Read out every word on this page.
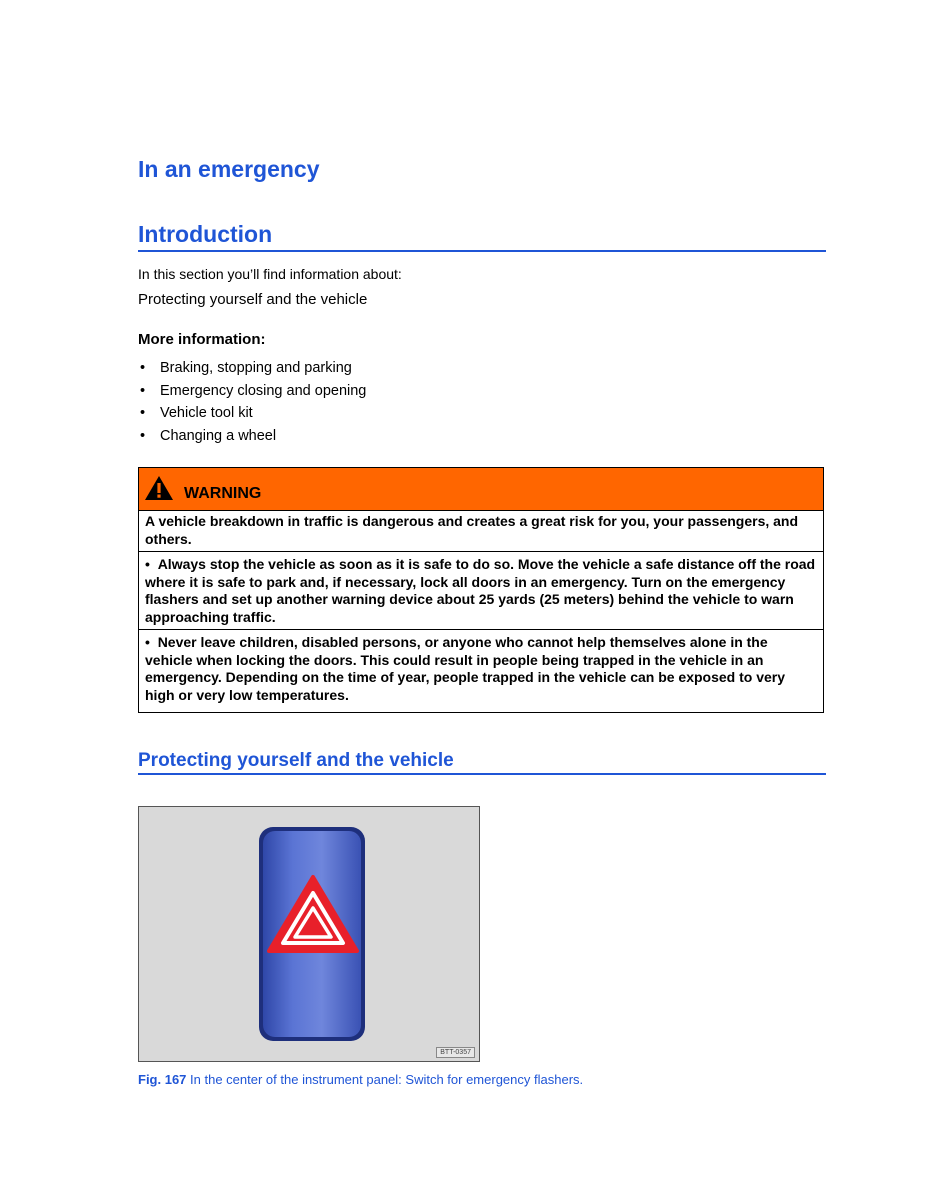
In an emergency
Introduction

In this section you’ll find information about:

Protecting yourself and the vehicle

More information:

• Braking, stopping and parking
• Emergency closing and opening
• Vehicle tool kit
• Changing a wheel
WARNING

A vehicle breakdown in traffic is dangerous and creates a great risk for you, your passengers, and others.

• Always stop the vehicle as soon as it is safe to do so. Move the vehicle a safe distance off the road where it is safe to park and, if necessary, lock all doors in an emergency. Turn on the emergency flashers and set up another warning device about 25 yards (25 meters) behind the vehicle to warn approaching traffic.

• Never leave children, disabled persons, or anyone who cannot help themselves alone in the vehicle when locking the doors. This could result in people being trapped in the vehicle in an emergency. Depending on the time of year, people trapped in the vehicle can be exposed to very high or very low temperatures.

Protecting yourself and the vehicle
BTT-0357

Fig. 167 In the center of the instrument panel: Switch for emergency flashers.
